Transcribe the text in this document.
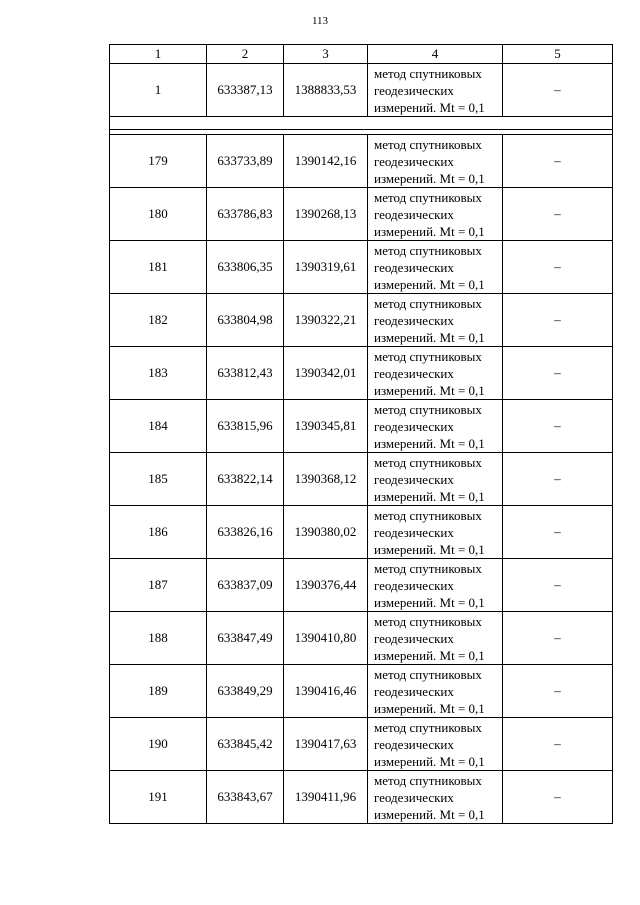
113
1	2	3	4	5
1	633387,13	1388833,53	метод спутниковых
геодезических
измерений. Mt = 0,1	–

179	633733,89	1390142,16	метод спутниковых
геодезических
измерений. Mt = 0,1	–
180	633786,83	1390268,13	метод спутниковых
геодезических
измерений. Mt = 0,1	–
181	633806,35	1390319,61	метод спутниковых
геодезических
измерений. Mt = 0,1	–
182	633804,98	1390322,21	метод спутниковых
геодезических
измерений. Mt = 0,1	–
183	633812,43	1390342,01	метод спутниковых
геодезических
измерений. Mt = 0,1	–
184	633815,96	1390345,81	метод спутниковых
геодезических
измерений. Mt = 0,1	–
185	633822,14	1390368,12	метод спутниковых
геодезических
измерений. Mt = 0,1	–
186	633826,16	1390380,02	метод спутниковых
геодезических
измерений. Mt = 0,1	–
187	633837,09	1390376,44	метод спутниковых
геодезических
измерений. Mt = 0,1	–
188	633847,49	1390410,80	метод спутниковых
геодезических
измерений. Mt = 0,1	–
189	633849,29	1390416,46	метод спутниковых
геодезических
измерений. Mt = 0,1	–
190	633845,42	1390417,63	метод спутниковых
геодезических
измерений. Mt = 0,1	–
191	633843,67	1390411,96	метод спутниковых
геодезических
измерений. Mt = 0,1	–
